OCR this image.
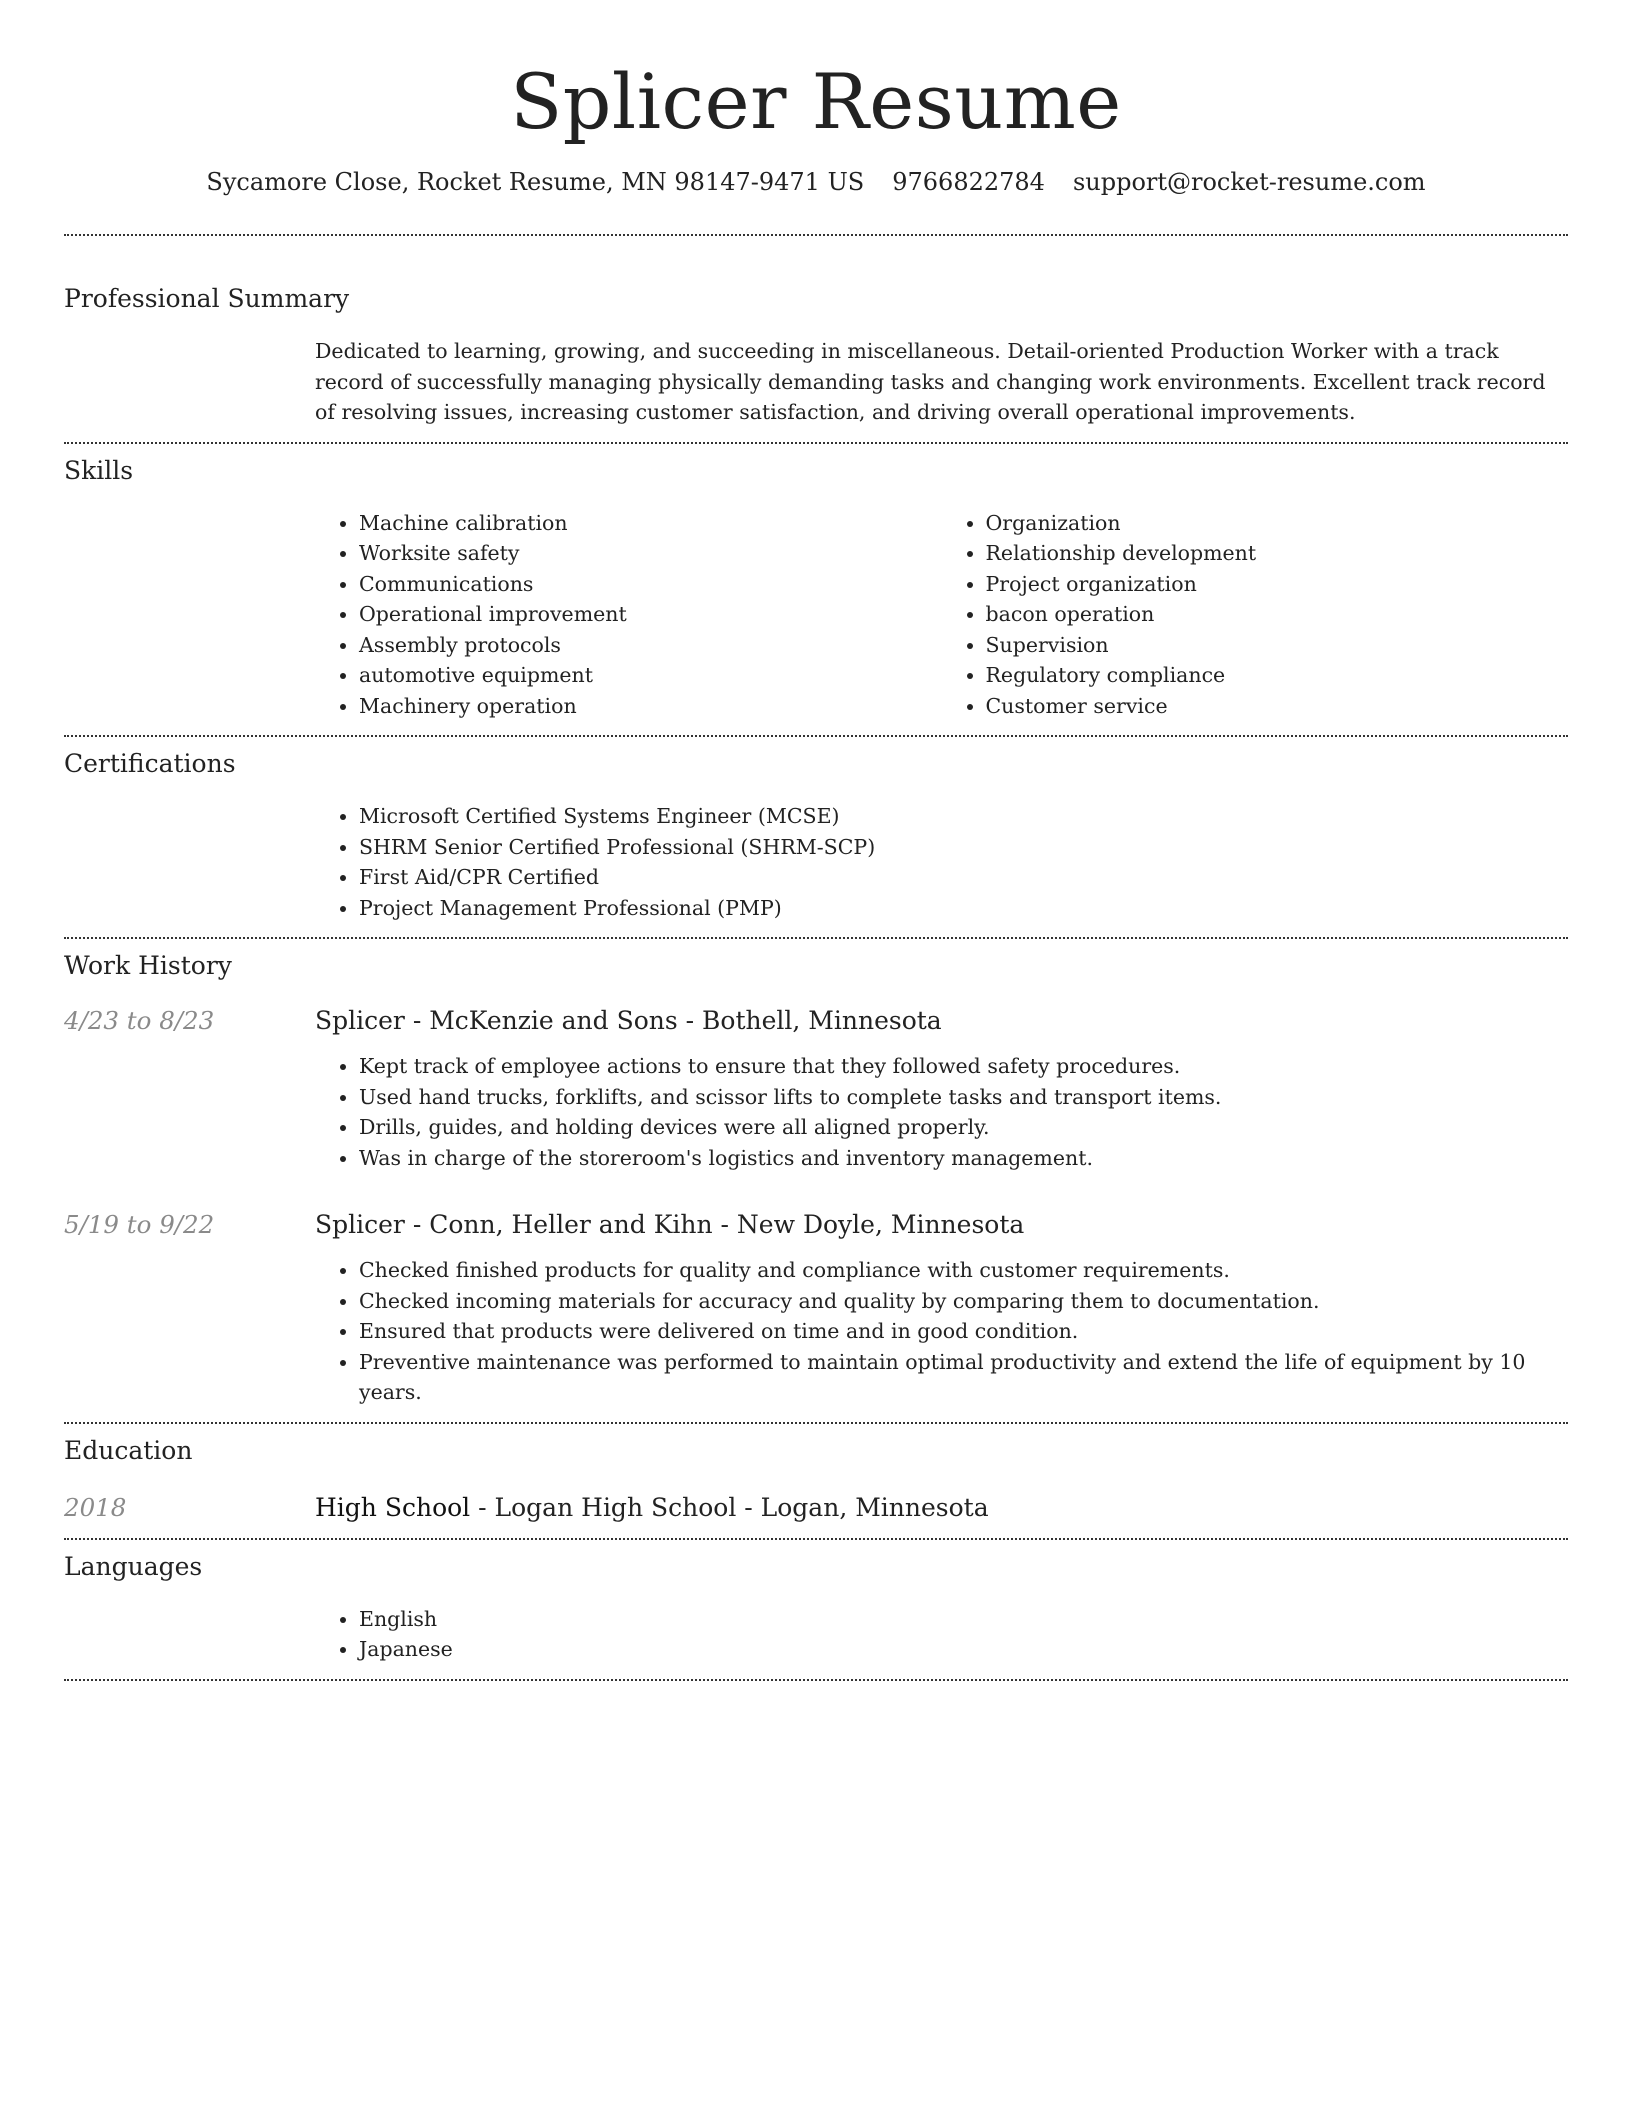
Splicer Resume
Sycamore Close, Rocket Resume, MN 98147-9471 US 9766822784 support@rocket-resume.com
Professional Summary

Dedicated to learning, growing, and succeeding in miscellaneous. Detail-oriented Production Worker with a track record of successfully managing physically demanding tasks and changing work environments. Excellent track record of resolving issues, increasing customer satisfaction, and driving overall operational improvements.

Skills
• Machine calibration
• Worksite safety
• Communications
• Operational improvement
• Assembly protocols
• automotive equipment
• Machinery operation
• Organization
• Relationship development
• Project organization
• bacon operation
• Supervision
• Regulatory compliance
• Customer service
Certifications
• Microsoft Certified Systems Engineer (MCSE)
• SHRM Senior Certified Professional (SHRM-SCP)
• First Aid/CPR Certified
• Project Management Professional (PMP)
Work History
4/23 to 8/23	Splicer - McKenzie and Sons - Bothell, Minnesota
• Kept track of employee actions to ensure that they followed safety procedures.
• Used hand trucks, forklifts, and scissor lifts to complete tasks and transport items.
• Drills, guides, and holding devices were all aligned properly.
• Was in charge of the storeroom's logistics and inventory management.
5/19 to 9/22	Splicer - Conn, Heller and Kihn - New Doyle, Minnesota
• Checked finished products for quality and compliance with customer requirements.
• Checked incoming materials for accuracy and quality by comparing them to documentation.
• Ensured that products were delivered on time and in good condition.
• Preventive maintenance was performed to maintain optimal productivity and extend the life of equipment by 10 years.
Education
2018	High School - Logan High School - Logan, Minnesota
Languages
• English
• Japanese
